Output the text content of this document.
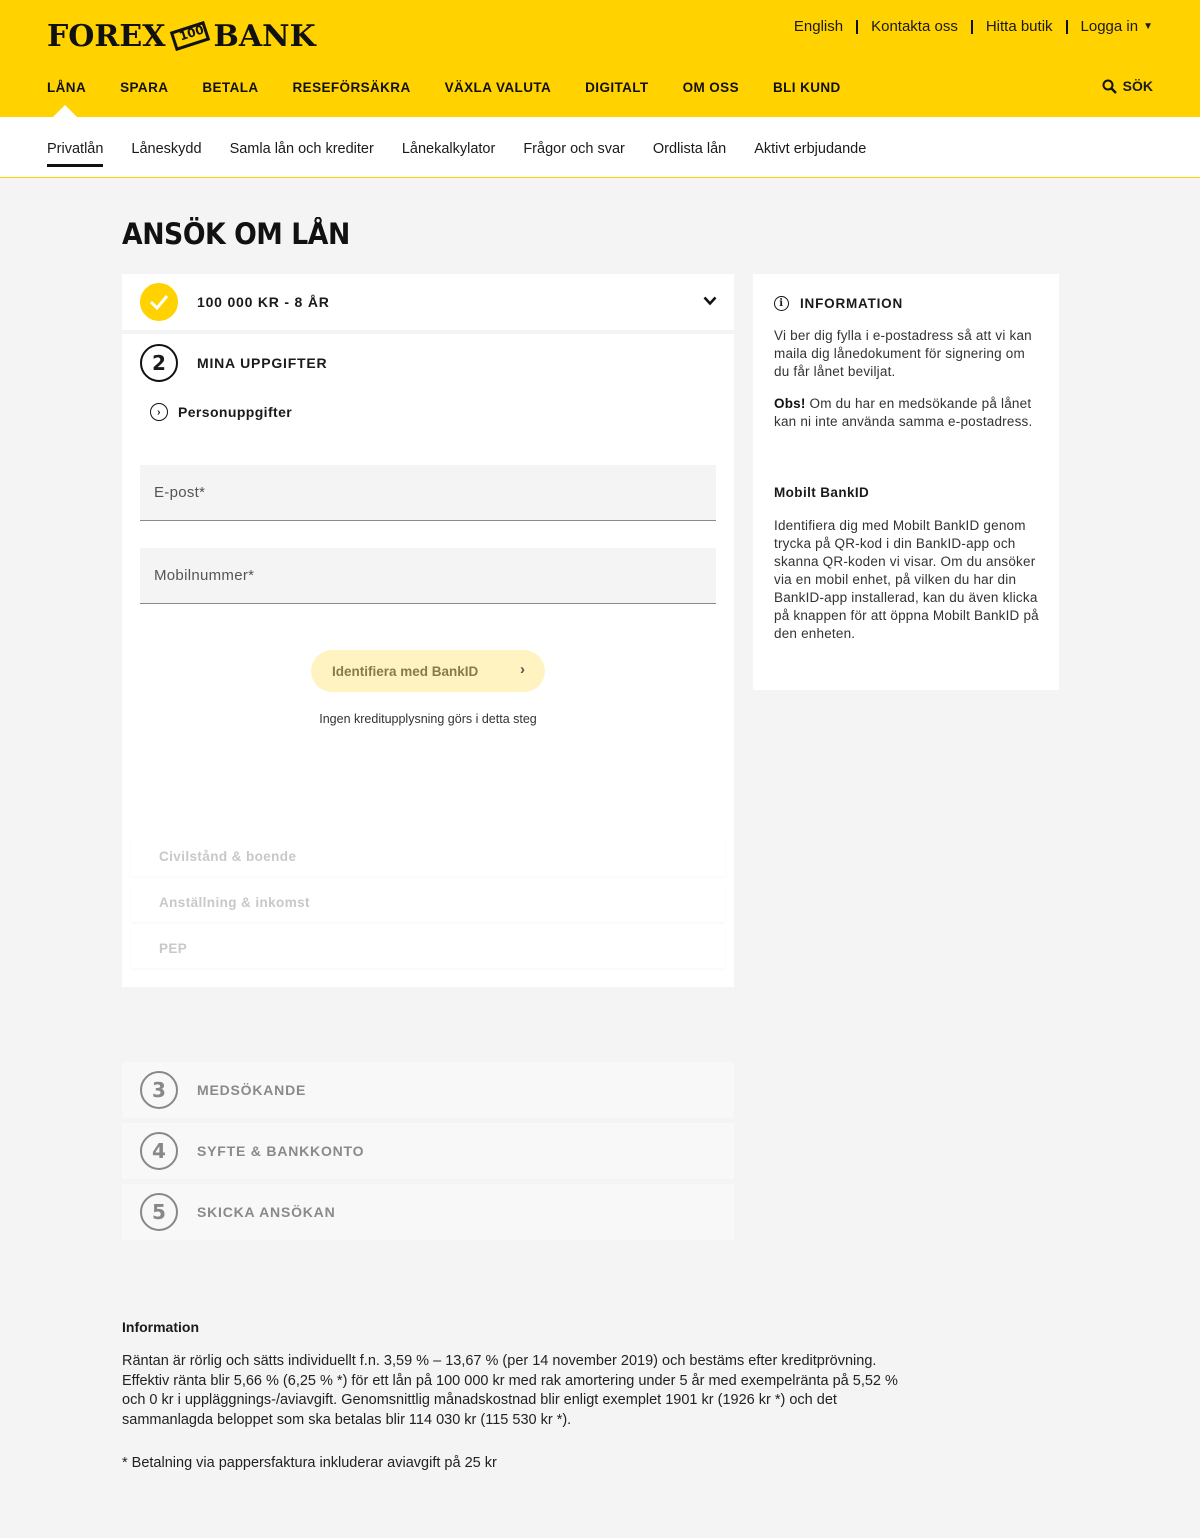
FOREX 100 BANK	English Kontakta oss Hitta butik Logga in ▼
LÅNA	SPARA	BETALA	RESEFÖRSÄKRA	VÄXLA VALUTA	DIGITALT	OM OSS	BLI KUND	SÖK
Privatlån Låneskydd Samla lån och krediter Lånekalkylator Frågor och svar Ordlista lån Aktivt erbjudande
ANSÖK OM LÅN
100 000 KR - 8 ÅR
2	MINA UPPGIFTER
›	Personuppgifter
E-post*
Mobilnummer*
Identifiera med BankID	›
Ingen kreditupplysning görs i detta steg
Civilstånd & boende
Anställning & inkomst
PEP
3	MEDSÖKANDE
4	SYFTE & BANKKONTO
5	SKICKA ANSÖKAN
i	INFORMATION

Vi ber dig fylla i e-postadress så att vi kan maila dig lånedokument för signering om du får lånet beviljat.

Obs! Om du har en medsökande på lånet kan ni inte använda samma e-postadress.

Mobilt BankID

Identifiera dig med Mobilt BankID genom trycka på QR-kod i din BankID-app och skanna QR-koden vi visar. Om du ansöker via en mobil enhet, på vilken du har din BankID-app installerad, kan du även klicka på knappen för att öppna Mobilt BankID på den enheten.

Information

Räntan är rörlig och sätts individuellt f.n. 3,59 % – 13,67 % (per 14 november 2019) och bestäms efter kreditprövning. Effektiv ränta blir 5,66 % (6,25 % *) för ett lån på 100 000 kr med rak amortering under 5 år med exempelränta på 5,52 % och 0 kr i uppläggnings-/aviavgift. Genomsnittlig månadskostnad blir enligt exemplet 1901 kr (1926 kr *) och det sammanlagda beloppet som ska betalas blir 114 030 kr (115 530 kr *).

* Betalning via pappersfaktura inkluderar aviavgift på 25 kr
